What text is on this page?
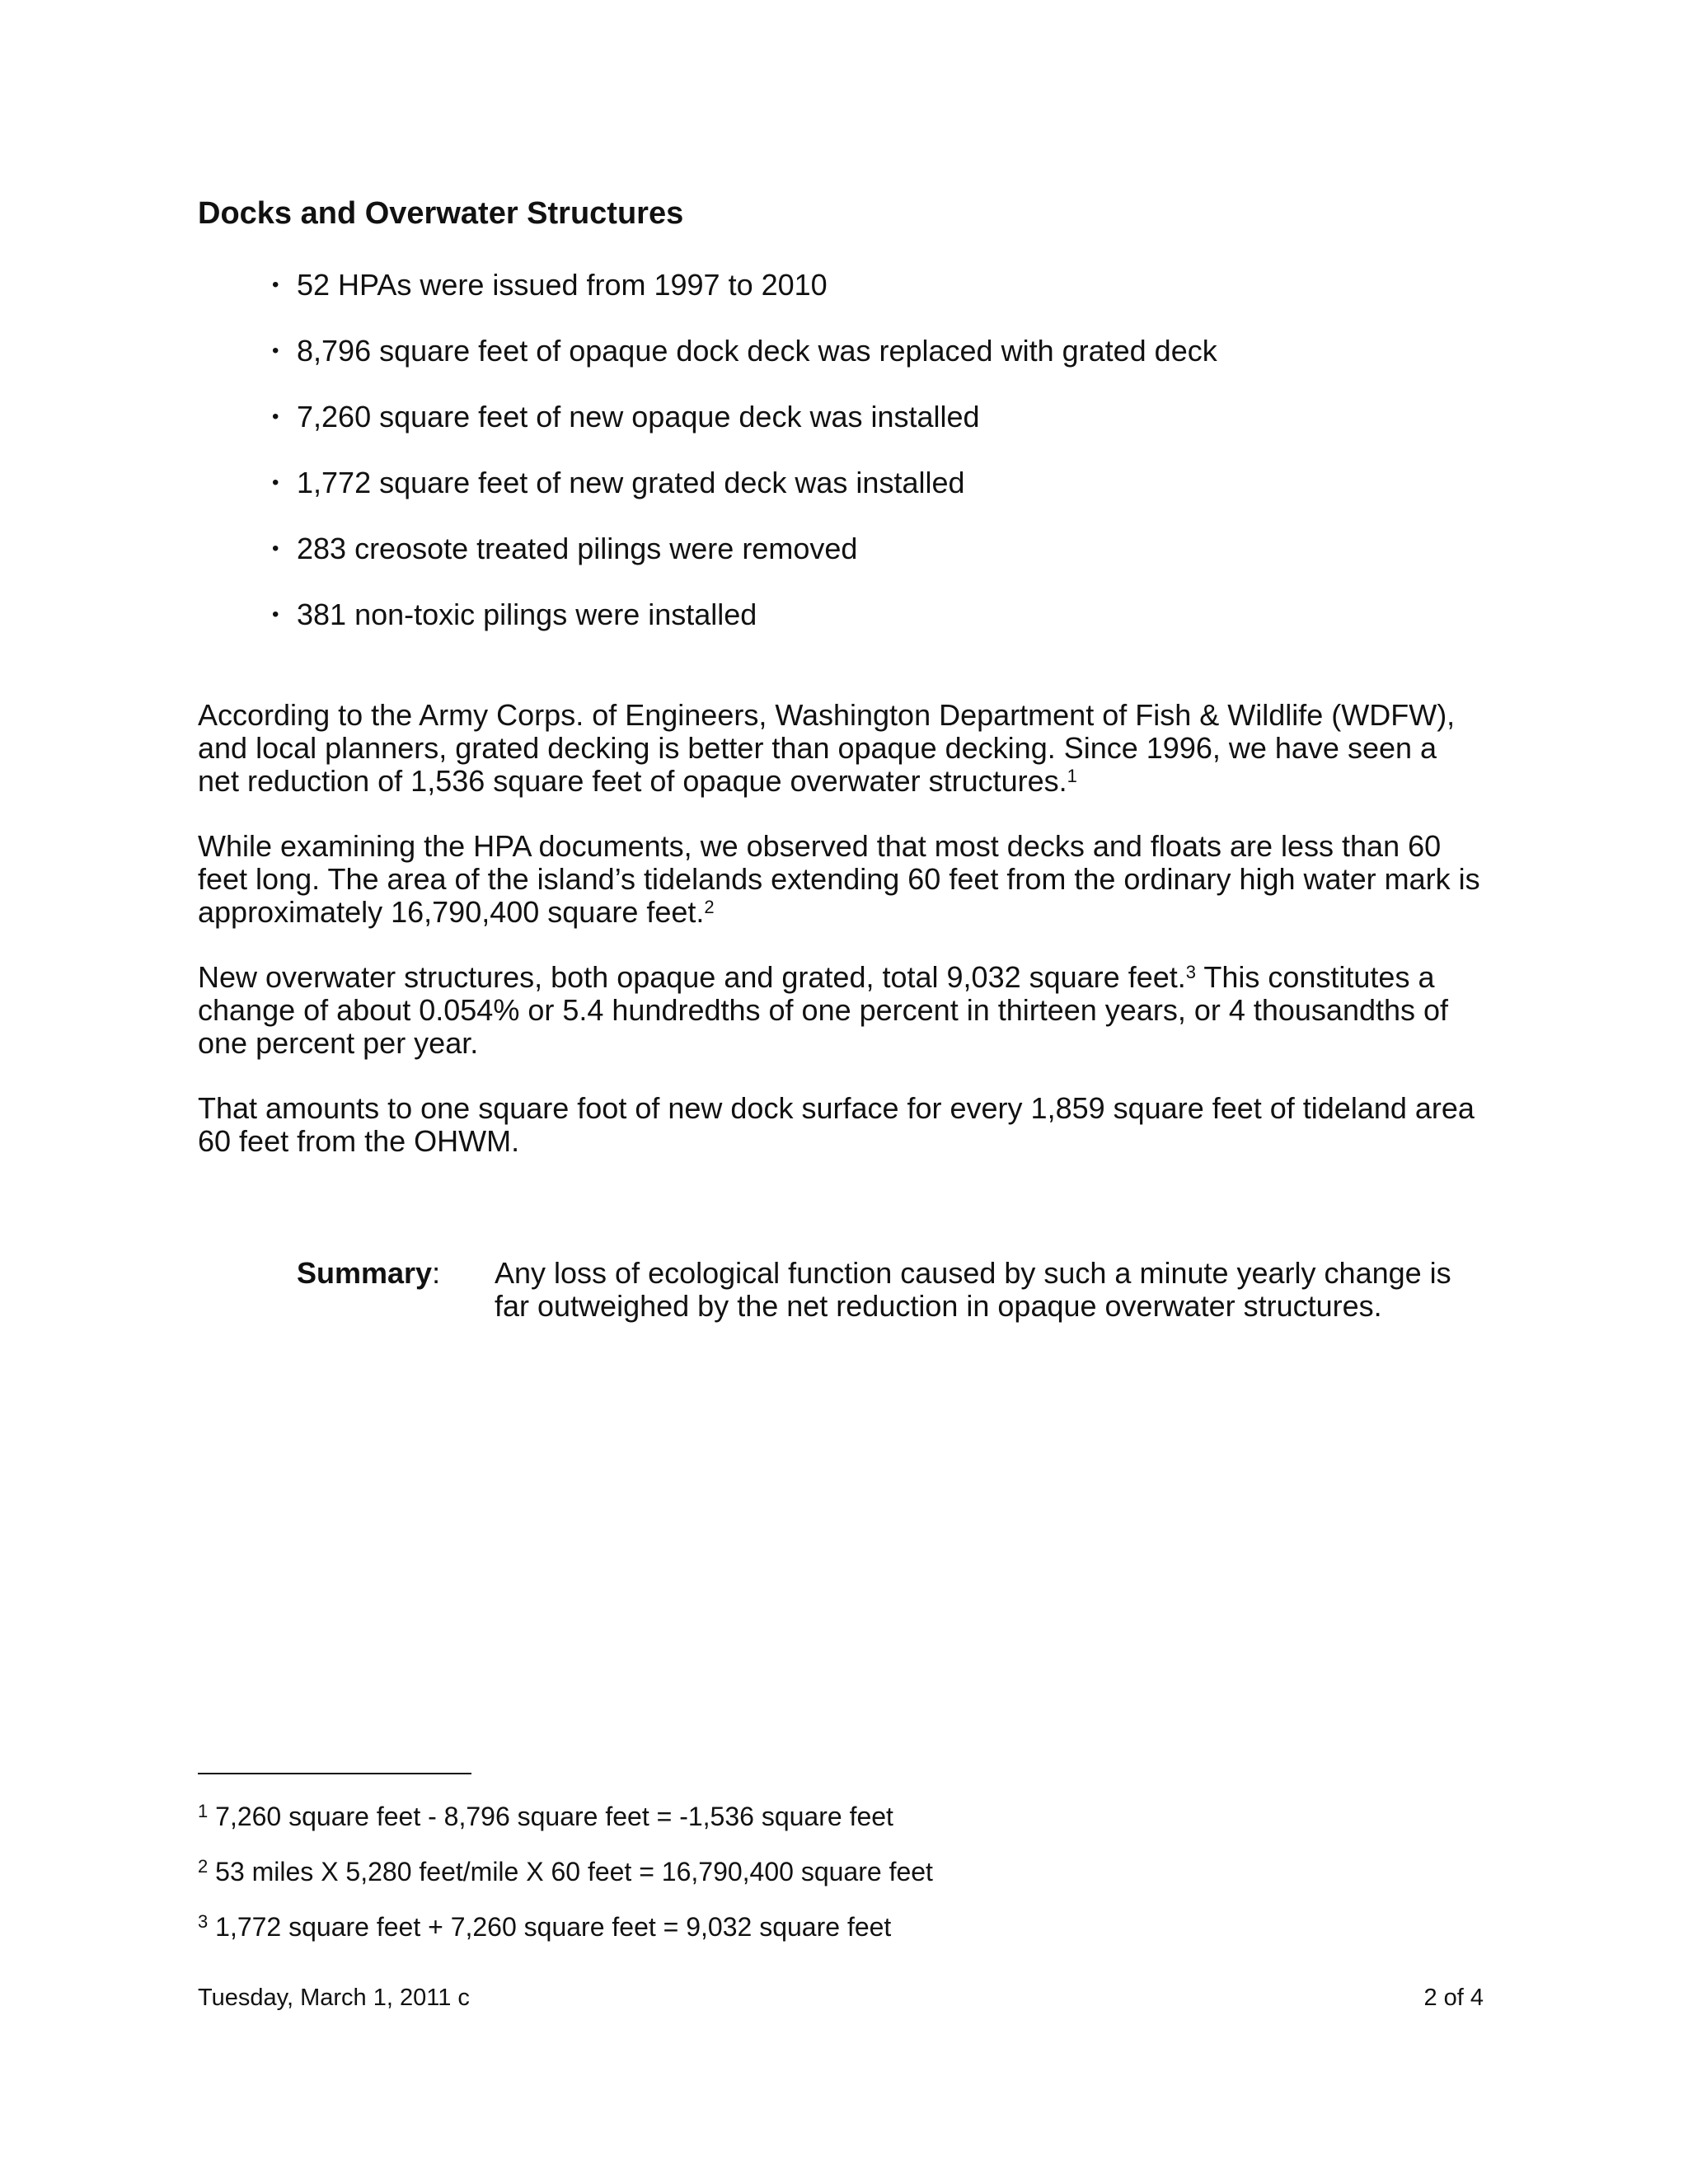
Docks and Overwater Structures
• 52 HPAs were issued from 1997 to 2010
• 8,796 square feet of opaque dock deck was replaced with grated deck
• 7,260 square feet of new opaque deck was installed
• 1,772 square feet of new grated deck was installed
• 283 creosote treated pilings were removed
• 381 non-toxic pilings were installed

According to the Army Corps. of Engineers, Washington Department of Fish & Wildlife (WDFW), and local planners, grated decking is better than opaque decking. Since 1996, we have seen a net reduction of 1,536 square feet of opaque overwater structures.$^1$

While examining the HPA documents, we observed that most decks and floats are less than 60 feet long. The area of the island’s tidelands extending 60 feet from the ordinary high water mark is approximately 16,790,400 square feet.$^2$

New overwater structures, both opaque and grated, total 9,032 square feet.$^3$ This constitutes a change of about 0.054% or 5.4 hundredths of one percent in thirteen years, or 4 thousandths of one percent per year.

That amounts to one square foot of new dock surface for every 1,859 square feet of tideland area 60 feet from the OHWM.

Summary: Any loss of ecological function caused by such a minute yearly change is far outweighed by the net reduction in opaque overwater structures.

$^1$ 7,260 square feet - 8,796 square feet = -1,536 square feet

$^2$ 53 miles X 5,280 feet/mile X 60 feet = 16,790,400 square feet

$^3$ 1,772 square feet + 7,260 square feet = 9,032 square feet

Tuesday, March 1, 2011 c	2 of 4
